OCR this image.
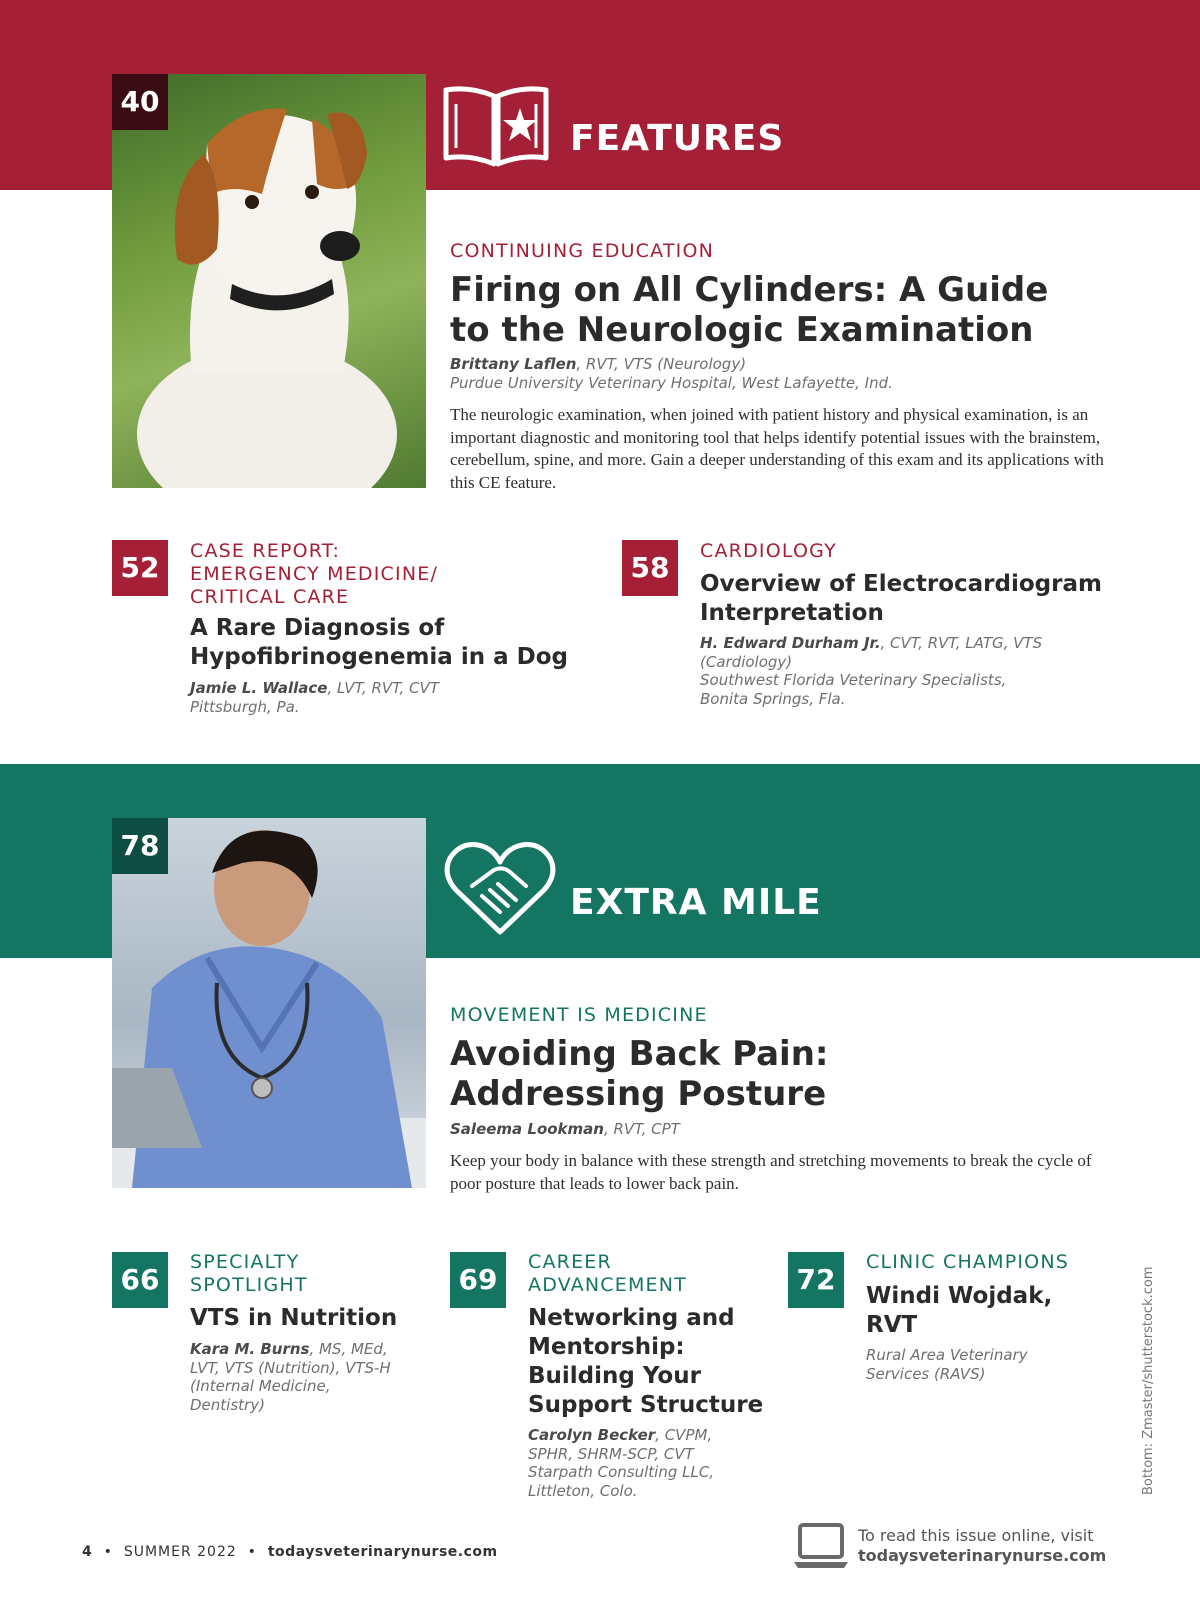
40
FEATURES
CONTINUING EDUCATION
Firing on All Cylinders: A Guide
to the Neurologic Examination
Brittany Laflen, RVT, VTS (Neurology)
Purdue University Veterinary Hospital, West Lafayette, Ind.
The neurologic examination, when joined with patient history and physical examination, is an important diagnostic and monitoring tool that helps identify potential issues with the brainstem, cerebellum, spine, and more. Gain a deeper understanding of this exam and its applications with this CE feature.
52	CASE REPORT:
EMERGENCY MEDICINE/
CRITICAL CARE
A Rare Diagnosis of
Hypofibrinogenemia in a Dog
Jamie L. Wallace, LVT, RVT, CVT
Pittsburgh, Pa.
58	CARDIOLOGY
Overview of Electrocardiogram
Interpretation
H. Edward Durham Jr., CVT, RVT, LATG, VTS
(Cardiology)
Southwest Florida Veterinary Specialists,
Bonita Springs, Fla.
78
EXTRA MILE
MOVEMENT IS MEDICINE
Avoiding Back Pain:
Addressing Posture
Saleema Lookman, RVT, CPT
Keep your body in balance with these strength and stretching movements to break the cycle of poor posture that leads to lower back pain.
66
SPECIALTY
SPOTLIGHT
VTS in Nutrition
Kara M. Burns, MS, MEd,
LVT, VTS (Nutrition), VTS-H
(Internal Medicine,
Dentistry)
69
CAREER
ADVANCEMENT
Networking and
Mentorship:
Building Your
Support Structure
Carolyn Becker, CVPM,
SPHR, SHRM-SCP, CVT
Starpath Consulting LLC,
Littleton, Colo.
72
CLINIC CHAMPIONS
Windi Wojdak,
RVT
Rural Area Veterinary
Services (RAVS)	Bottom: Zmaster/shutterstock.com
4  •  SUMMER 2022  •  todaysveterinarynurse.com
To read this issue online, visit
todaysveterinarynurse.com
